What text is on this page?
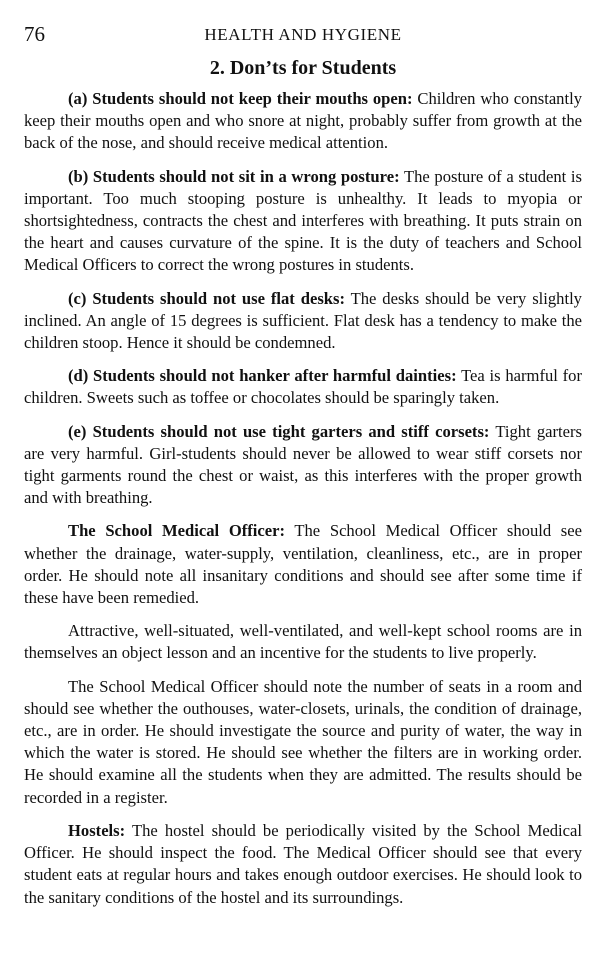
76	HEALTH AND HYGIENE
2. Don’ts for Students

(a) Students should not keep their mouths open: Children who constantly keep their mouths open and who snore at night, probably suffer from growth at the back of the nose, and should receive medical attention.

(b) Students should not sit in a wrong posture: The posture of a student is important. Too much stooping posture is unhealthy. It leads to myopia or shortsightedness, contracts the chest and interferes with breathing. It puts strain on the heart and causes curvature of the spine. It is the duty of teachers and School Medical Officers to correct the wrong postures in students.

(c) Students should not use flat desks: The desks should be very slightly inclined. An angle of 15 degrees is sufficient. Flat desk has a tendency to make the children stoop. Hence it should be condemned.

(d) Students should not hanker after harmful dainties: Tea is harmful for children. Sweets such as toffee or chocolates should be sparingly taken.

(e) Students should not use tight garters and stiff corsets: Tight garters are very harmful. Girl-students should never be allowed to wear stiff corsets nor tight garments round the chest or waist, as this interferes with the proper growth and with breathing.

The School Medical Officer: The School Medical Officer should see whether the drainage, water-supply, ventilation, cleanliness, etc., are in proper order. He should note all insanitary conditions and should see after some time if these have been remedied.

Attractive, well-situated, well-ventilated, and well-kept school rooms are in themselves an object lesson and an incentive for the students to live properly.

The School Medical Officer should note the number of seats in a room and should see whether the outhouses, water-closets, urinals, the condition of drainage, etc., are in order. He should investigate the source and purity of water, the way in which the water is stored. He should see whether the filters are in working order. He should examine all the students when they are admitted. The results should be recorded in a register.

Hostels: The hostel should be periodically visited by the School Medical Officer. He should inspect the food. The Medical Officer should see that every student eats at regular hours and takes enough outdoor exercises. He should look to the sanitary conditions of the hostel and its surroundings.
